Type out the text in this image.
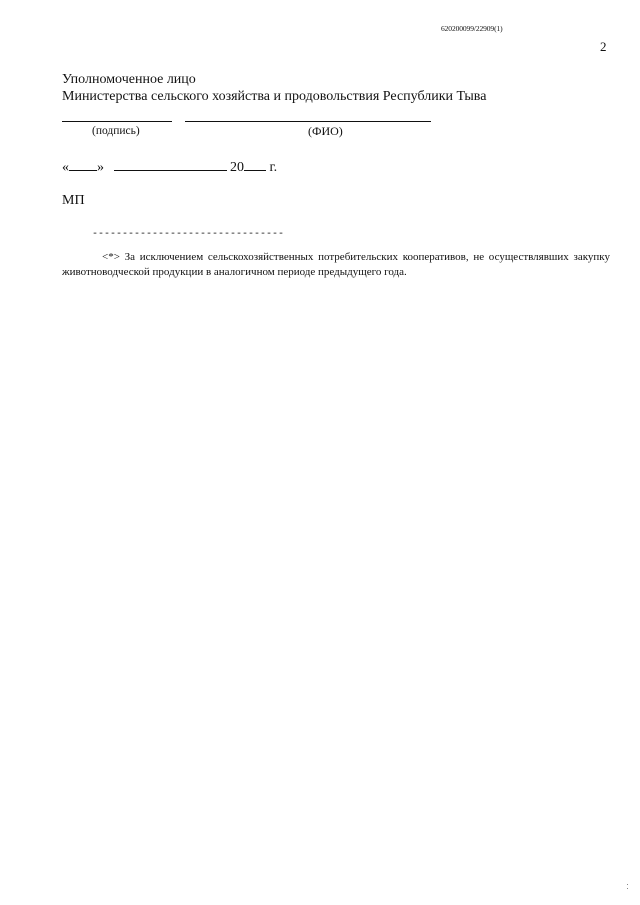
620200099/22909(1)
2
Уполномоченное лицо
Министерства сельского хозяйства и продовольствия Республики Тыва
(подпись)	(ФИО)
« »	20 г.
МП
--------------------------------
<*> За исключением сельскохозяйственных потребительских кооперативов, не осуществлявших закупку животноводческой продукции в аналогичном периоде предыдущего года.
